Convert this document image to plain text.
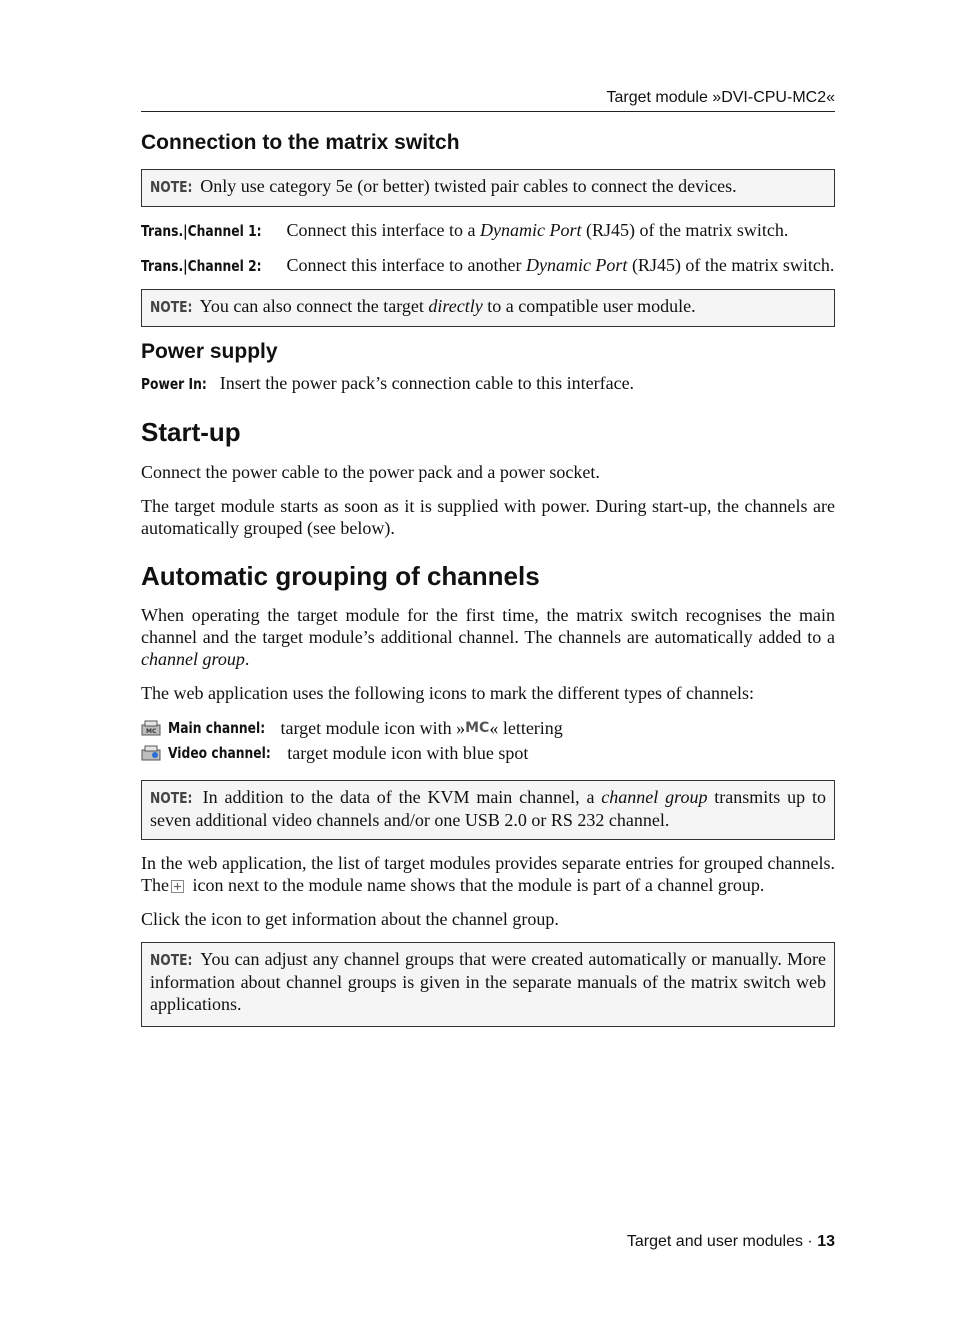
Target module »DVI-CPU-MC2«
Connection to the matrix switch
NOTE: Only use category 5e (or better) twisted pair cables to connect the devices.

Trans.|Channel 1: Connect this interface to a Dynamic Port (RJ45) of the matrix switch.

Trans.|Channel 2: Connect this interface to another Dynamic Port (RJ45) of the matrix switch.

NOTE: You can also connect the target directly to a compatible user module.
Power supply

Power In: Insert the power pack’s connection cable to this interface.

Start-up

Connect the power cable to the power pack and a power socket.

The target module starts as soon as it is supplied with power. During start-up, the channels are automatically grouped (see below).

Automatic grouping of channels

When operating the target module for the first time, the matrix switch recognises the main channel and the target module’s additional channel. The channels are automatically added to a channel group.

The web application uses the following icons to mark the different types of channels:

MC Main channel: target module icon with » MC « lettering
Video channel: target module icon with blue spot
NOTE: In addition to the data of the KVM main channel, a channel group transmits up to seven additional video channels and/or one USB 2.0 or RS 232 channel.

In the web application, the list of target modules provides separate entries for grouped channels. The icon next to the module name shows that the module is part of a channel group.

Click the icon to get information about the channel group.

NOTE: You can adjust any channel groups that were created automatically or manually. More information about channel groups is given in the separate manuals of the matrix switch web applications.
Target and user modules · 13
